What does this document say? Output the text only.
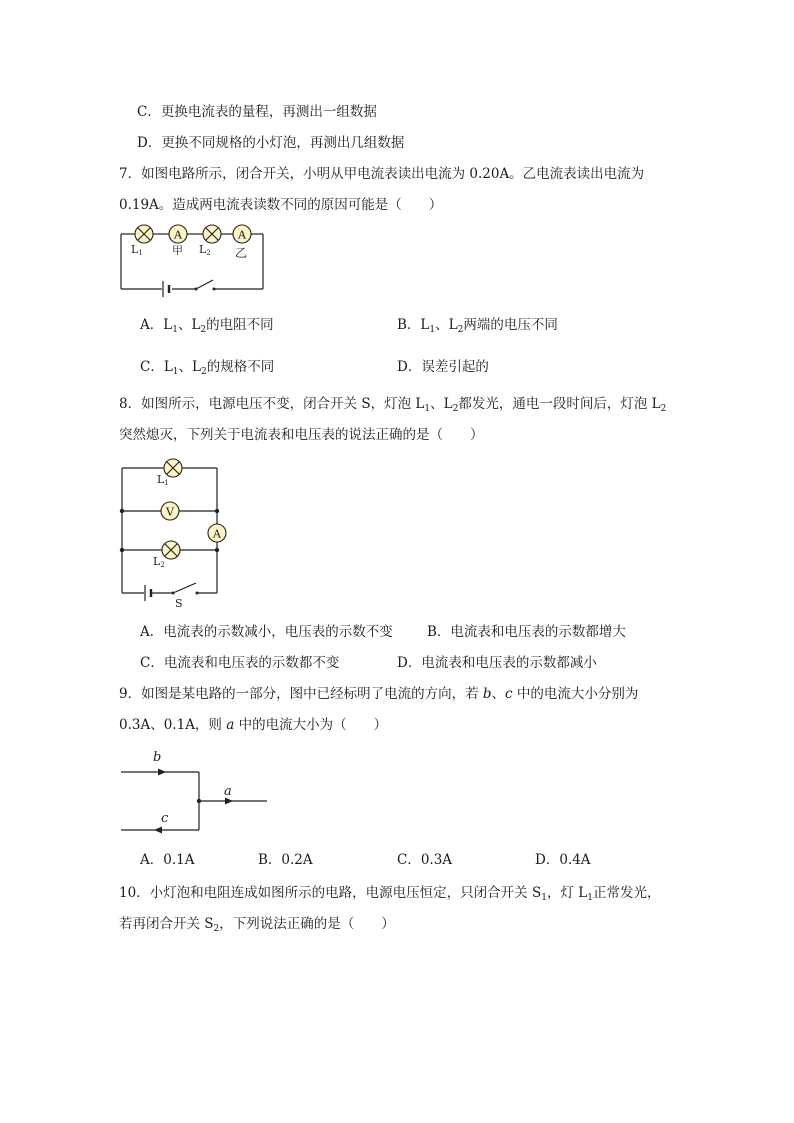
C．更换电流表的量程，再测出一组数据
D．更换不同规格的小灯泡，再测出几组数据
7．如图电路所示，闭合开关，小明从甲电流表读出电流为 0.20A。乙电流表读出电流为
0.19A。造成两电流表读数不同的原因可能是（　　）
A	A
L1	甲 L2 乙
A．$L_1$、$L_2$的电阻不同	B．$L_1$、$L_2$两端的电压不同
C．$L_1$、$L_2$的规格不同	D．误差引起的
8．如图所示，电源电压不变，闭合开关 S，灯泡 $L_1$、$L_2$都发光，通电一段时间后，灯泡 $L_2$
突然熄灭，下列关于电流表和电压表的说法正确的是（　　）
V
A
L1
L2
S
A．电流表的示数减小，电压表的示数不变	B．电流表和电压表的示数都增大
C．电流表和电压表的示数都不变	D．电流表和电压表的示数都减小
9．如图是某电路的一部分，图中已经标明了电流的方向，若 b、c 中的电流大小分别为
0.3A、0.1A，则 a 中的电流大小为（　　）
b
c
a
A．0.1A	B．0.2A	C．0.3A	D．0.4A
10．小灯泡和电阻连成如图所示的电路，电源电压恒定，只闭合开关 $S_1$，灯 $L_1$正常发光，
若再闭合开关 $S_2$，下列说法正确的是（　　）
